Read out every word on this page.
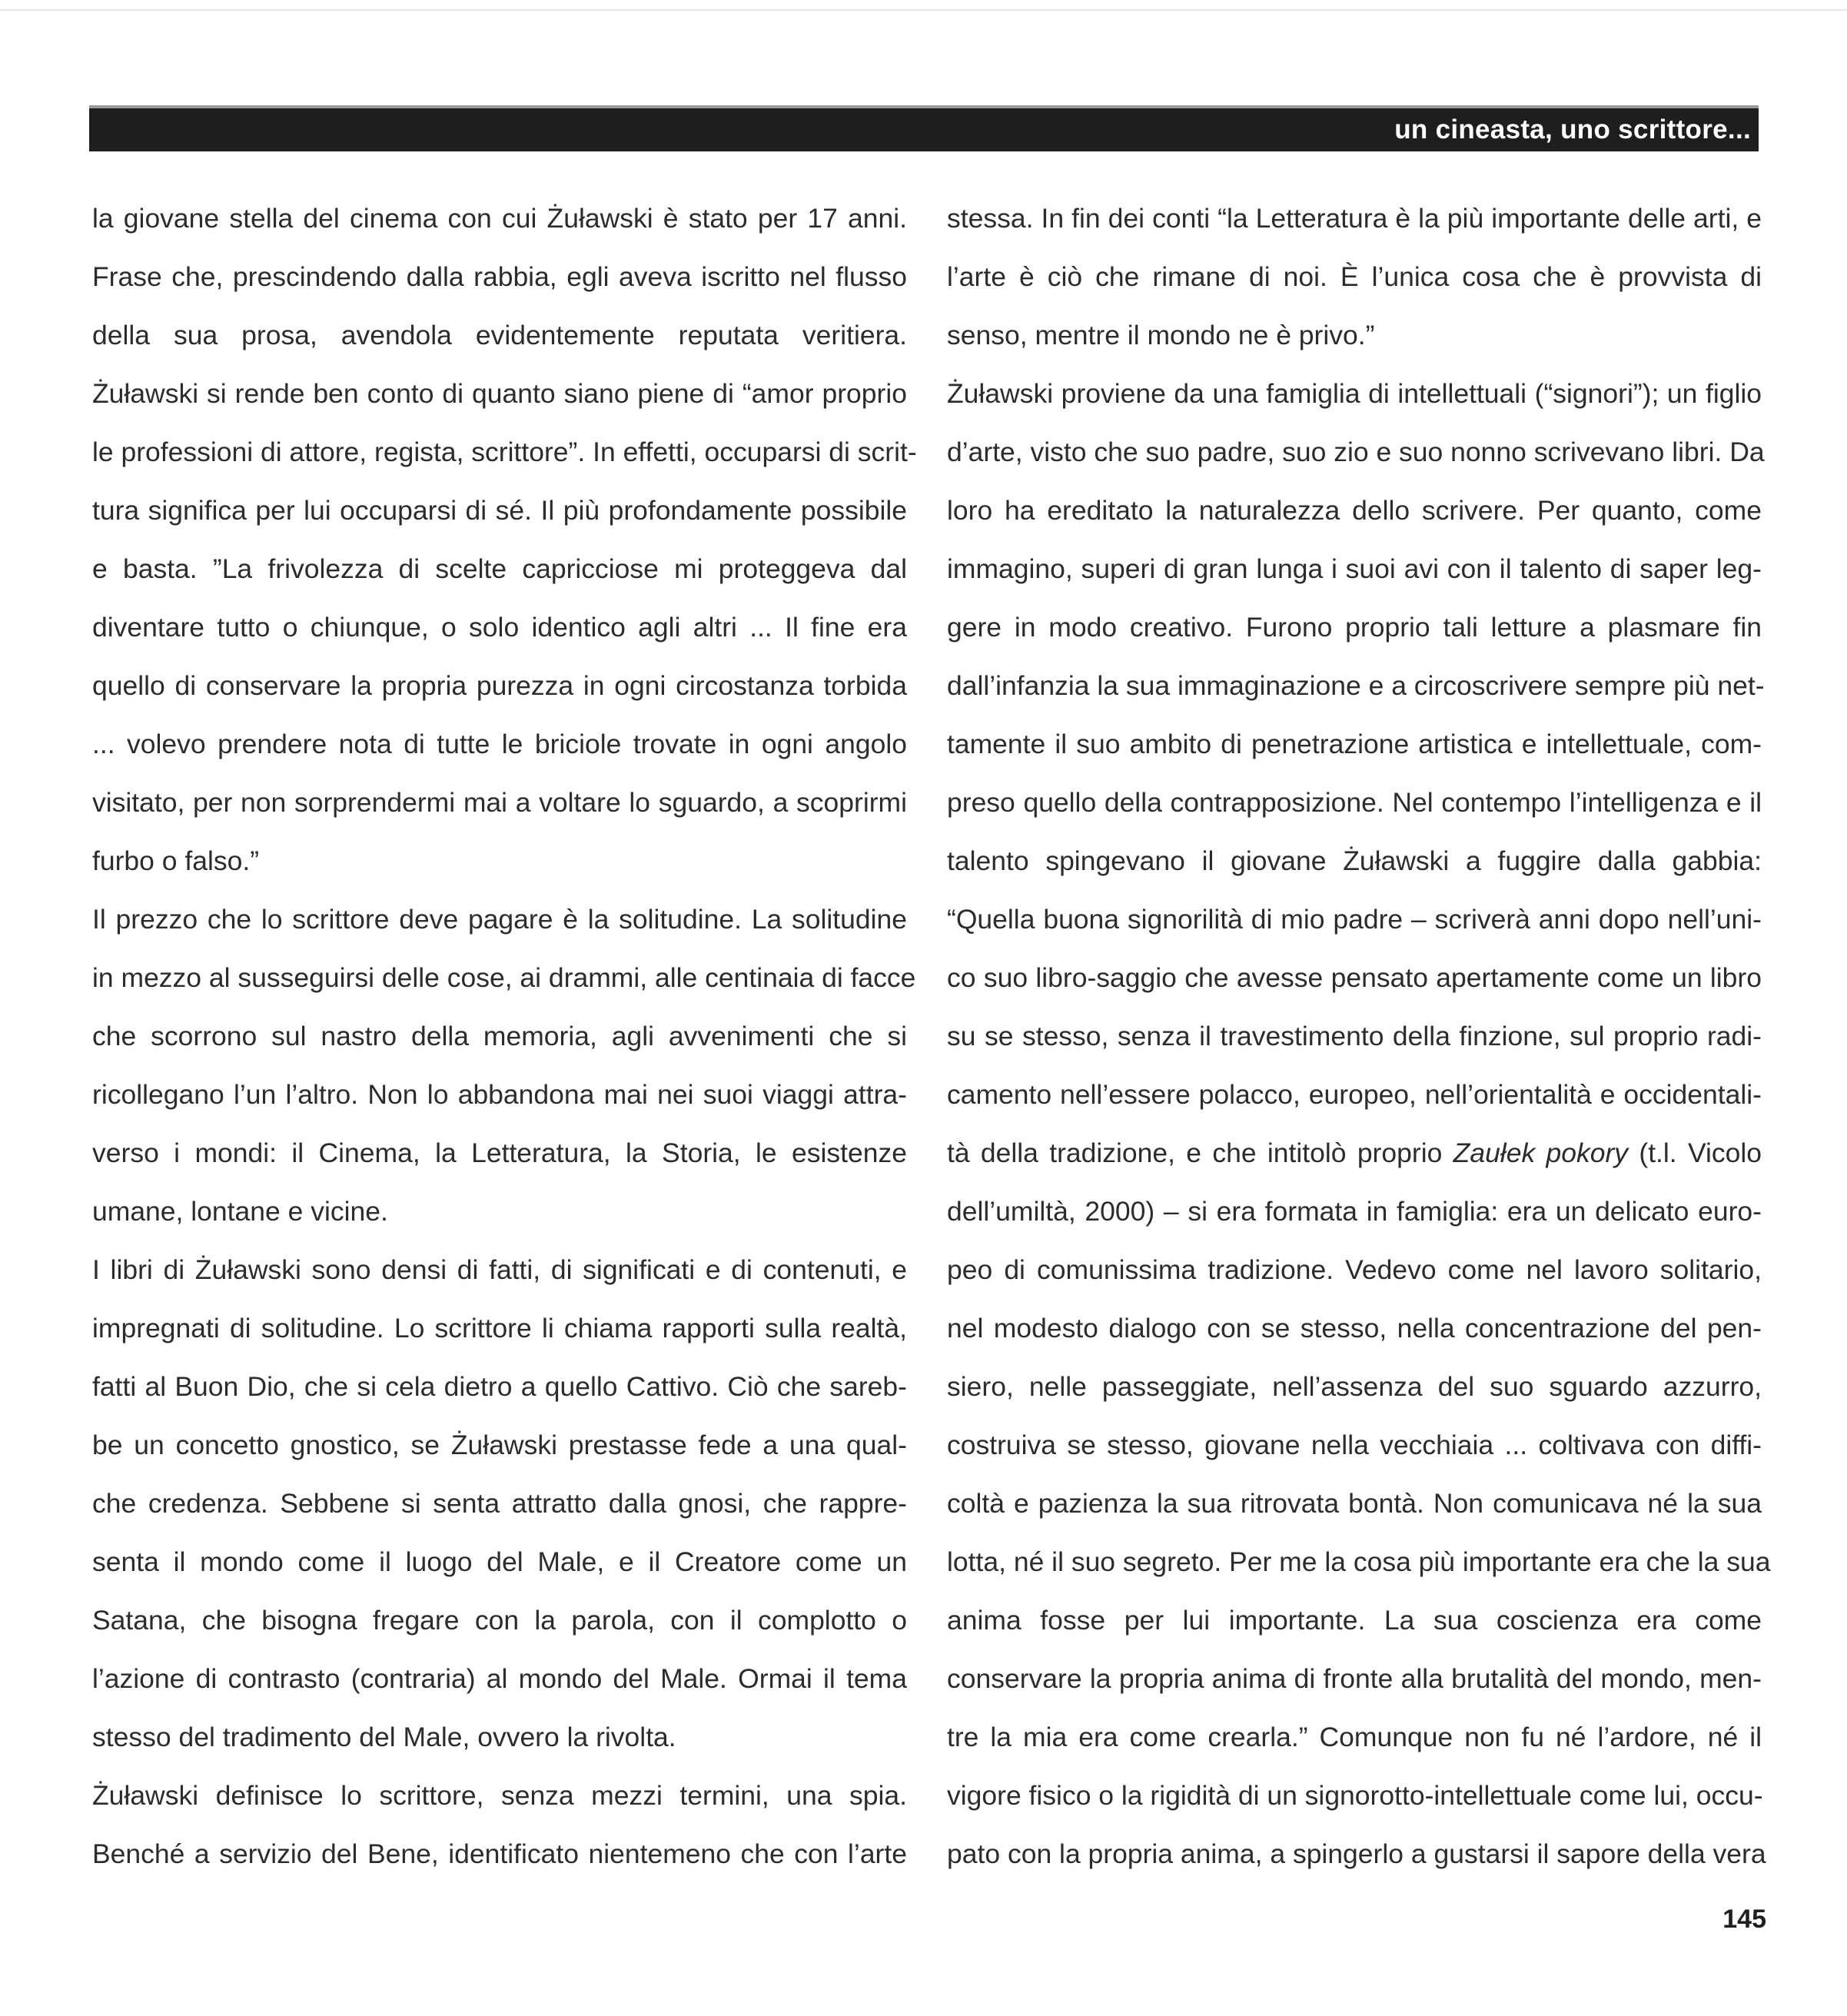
un cineasta, uno scrittore...
la giovane stella del cinema con cui Żuławski è stato per 17 anni.
Frase che, prescindendo dalla rabbia, egli aveva iscritto nel flusso
della sua prosa, avendola evidentemente reputata veritiera.
Żuławski si rende ben conto di quanto siano piene di “amor proprio
le professioni di attore, regista, scrittore”. In effetti, occuparsi di scrit-
tura significa per lui occuparsi di sé. Il più profondamente possibile
e basta. ”La frivolezza di scelte capricciose mi proteggeva dal
diventare tutto o chiunque, o solo identico agli altri ... Il fine era
quello di conservare la propria purezza in ogni circostanza torbida
... volevo prendere nota di tutte le briciole trovate in ogni angolo
visitato, per non sorprendermi mai a voltare lo sguardo, a scoprirmi
furbo o falso.”
Il prezzo che lo scrittore deve pagare è la solitudine. La solitudine
in mezzo al susseguirsi delle cose, ai drammi, alle centinaia di facce
che scorrono sul nastro della memoria, agli avvenimenti che si
ricollegano l’un l’altro. Non lo abbandona mai nei suoi viaggi attra-
verso i mondi: il Cinema, la Letteratura, la Storia, le esistenze
umane, lontane e vicine.
I libri di Żuławski sono densi di fatti, di significati e di contenuti, e
impregnati di solitudine. Lo scrittore li chiama rapporti sulla realtà,
fatti al Buon Dio, che si cela dietro a quello Cattivo. Ciò che sareb-
be un concetto gnostico, se Żuławski prestasse fede a una qual-
che credenza. Sebbene si senta attratto dalla gnosi, che rappre-
senta il mondo come il luogo del Male, e il Creatore come un
Satana, che bisogna fregare con la parola, con il complotto o
l’azione di contrasto (contraria) al mondo del Male. Ormai il tema
stesso del tradimento del Male, ovvero la rivolta.
Żuławski definisce lo scrittore, senza mezzi termini, una spia.
Benché a servizio del Bene, identificato nientemeno che con l’arte
stessa. In fin dei conti “la Letteratura è la più importante delle arti, e
l’arte è ciò che rimane di noi. È l’unica cosa che è provvista di
senso, mentre il mondo ne è privo.”
Żuławski proviene da una famiglia di intellettuali (“signori”); un figlio
d’arte, visto che suo padre, suo zio e suo nonno scrivevano libri. Da
loro ha ereditato la naturalezza dello scrivere. Per quanto, come
immagino, superi di gran lunga i suoi avi con il talento di saper leg-
gere in modo creativo. Furono proprio tali letture a plasmare fin
dall’infanzia la sua immaginazione e a circoscrivere sempre più net-
tamente il suo ambito di penetrazione artistica e intellettuale, com-
preso quello della contrapposizione. Nel contempo l’intelligenza e il
talento spingevano il giovane Żuławski a fuggire dalla gabbia:
“Quella buona signorilità di mio padre – scriverà anni dopo nell’uni-
co suo libro-saggio che avesse pensato apertamente come un libro
su se stesso, senza il travestimento della finzione, sul proprio radi-
camento nell’essere polacco, europeo, nell’orientalità e occidentali-
tà della tradizione, e che intitolò proprio Zaułek pokory (t.l. Vicolo
dell’umiltà, 2000) – si era formata in famiglia: era un delicato euro-
peo di comunissima tradizione. Vedevo come nel lavoro solitario,
nel modesto dialogo con se stesso, nella concentrazione del pen-
siero, nelle passeggiate, nell’assenza del suo sguardo azzurro,
costruiva se stesso, giovane nella vecchiaia ... coltivava con diffi-
coltà e pazienza la sua ritrovata bontà. Non comunicava né la sua
lotta, né il suo segreto. Per me la cosa più importante era che la sua
anima fosse per lui importante. La sua coscienza era come
conservare la propria anima di fronte alla brutalità del mondo, men-
tre la mia era come crearla.” Comunque non fu né l’ardore, né il
vigore fisico o la rigidità di un signorotto-intellettuale come lui, occu-
pato con la propria anima, a spingerlo a gustarsi il sapore della vera
145
